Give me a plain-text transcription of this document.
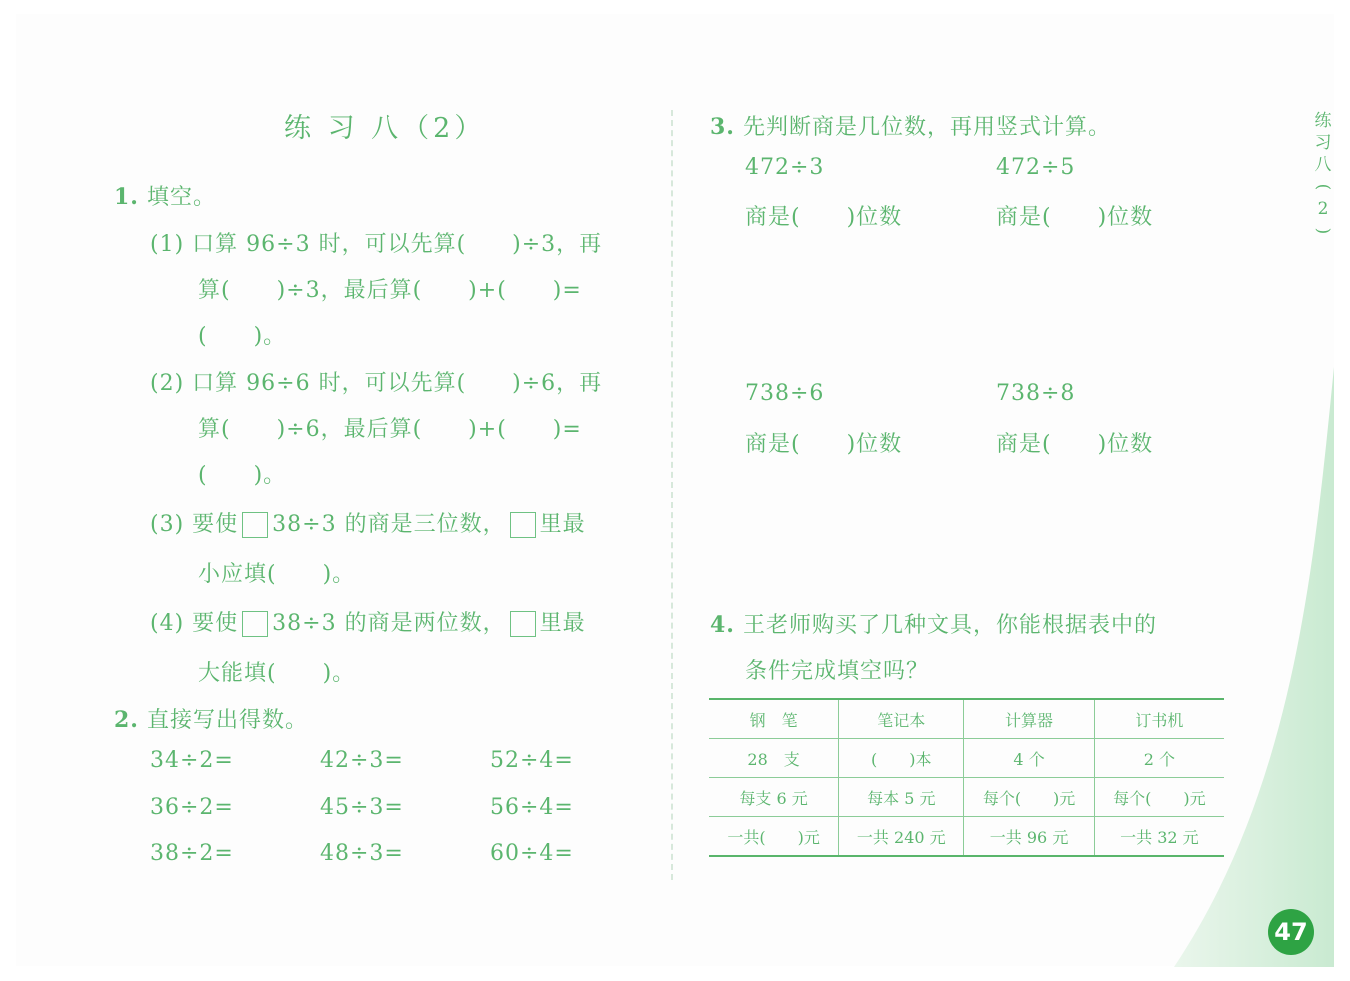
练 习 八（2）
1. 填空。
(1) 口算 96÷3 时，可以先算(　　)÷3，再
算(　　)÷3，最后算(　　)+(　　)=
(　　)。
(2) 口算 96÷6 时，可以先算(　　)÷6，再
算(　　)÷6，最后算(　　)+(　　)=
(　　)。
(3) 要使 38÷3 的商是三位数， 里最
小应填(　　)。
(4) 要使 38÷3 的商是两位数， 里最
大能填(　　)。
2. 直接写出得数。
34÷2=	42÷3=	52÷4=
36÷2=	45÷3=	56÷4=
38÷2=	48÷3=	60÷4=
3. 先判断商是几位数，再用竖式计算。
472÷3	472÷5
商是(　　)位数	商是(　　)位数
738÷6	738÷8
商是(　　)位数	商是(　　)位数
4. 王老师购买了几种文具，你能根据表中的
条件完成填空吗？
钢　笔	笔记本	计算器	订书机
28　支	(　　)本	4 个	2 个
每支 6 元	每本 5 元	每个(　　)元	每个(　　)元
一共(　　)元	一共 240 元	一共 96 元	一共 32 元
练
习
八
(
2
)
47
